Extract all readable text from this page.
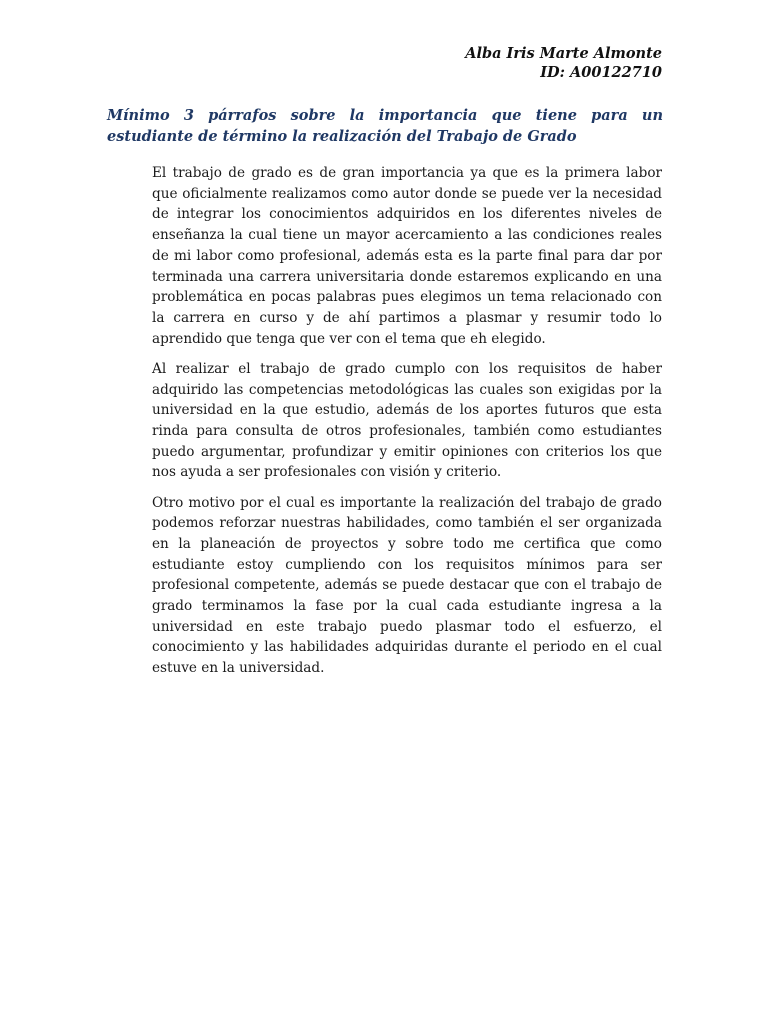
Alba Iris Marte Almonte
ID: A00122710
Mínimo 3 párrafos sobre la importancia que tiene para un estudiante de término la realización del Trabajo de Grado

El trabajo de grado es de gran importancia ya que es la primera labor que oficialmente realizamos como autor donde se puede ver la necesidad de integrar los conocimientos adquiridos en los diferentes niveles de enseñanza la cual tiene un mayor acercamiento a las condiciones reales de mi labor como profesional, además esta es la parte final para dar por terminada una carrera universitaria donde estaremos explicando en una problemática en pocas palabras pues elegimos un tema relacionado con la carrera en curso y de ahí partimos a plasmar y resumir todo lo aprendido que tenga que ver con el tema que eh elegido.

Al realizar el trabajo de grado cumplo con los requisitos de haber adquirido las competencias metodológicas las cuales son exigidas por la universidad en la que estudio, además de los aportes futuros que esta rinda para consulta de otros profesionales, también como estudiantes puedo argumentar, profundizar y emitir opiniones con criterios los que nos ayuda a ser profesionales con visión y criterio.

Otro motivo por el cual es importante la realización del trabajo de grado podemos reforzar nuestras habilidades, como también el ser organizada en la planeación de proyectos y sobre todo me certifica que como estudiante estoy cumpliendo con los requisitos mínimos para ser profesional competente, además se puede destacar que con el trabajo de grado terminamos la fase por la cual cada estudiante ingresa a la universidad en este trabajo puedo plasmar todo el esfuerzo, el conocimiento y las habilidades adquiridas durante el periodo en el cual estuve en la universidad.
